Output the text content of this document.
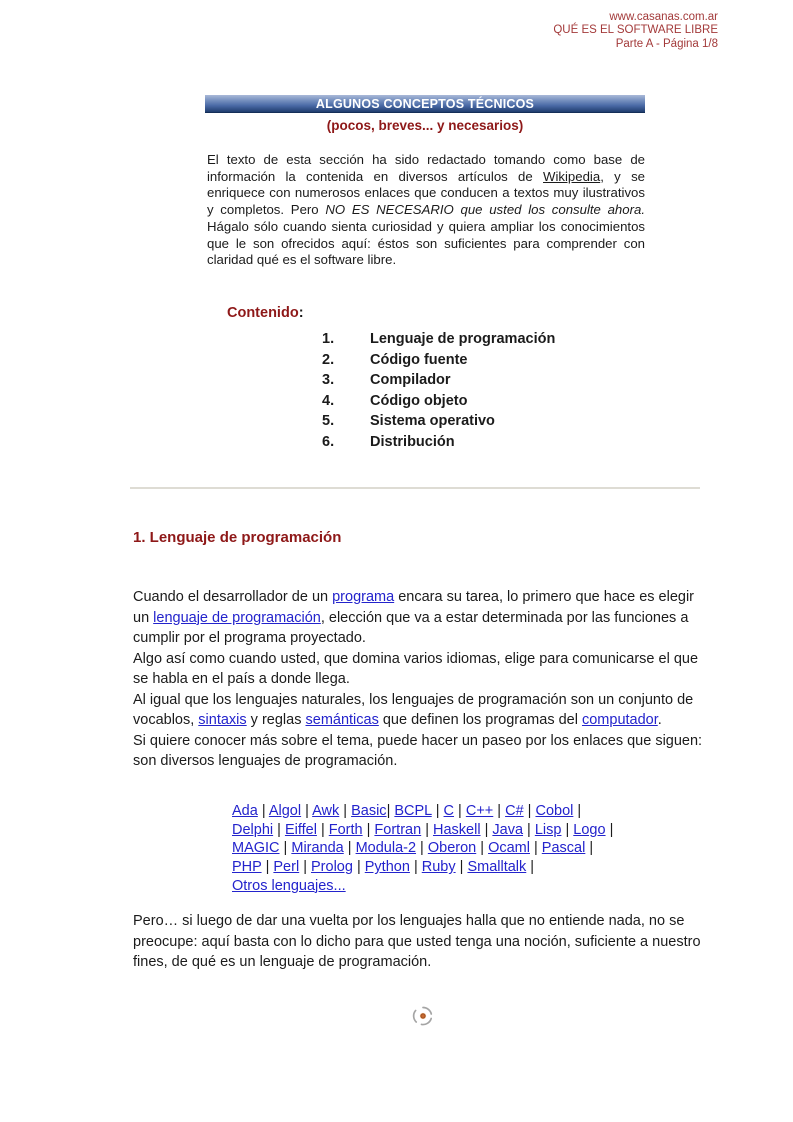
www.casanas.com.ar
QUÉ ES EL SOFTWARE LIBRE
Parte A - Página 1/8
ALGUNOS CONCEPTOS TÉCNICOS
(pocos, breves... y necesarios)
El texto de esta sección ha sido redactado tomando como base de información la contenida en diversos artículos de Wikipedia, y se enriquece con numerosos enlaces que conducen a textos muy ilustrativos y completos. Pero NO ES NECESARIO que usted los consulte ahora. Hágalo sólo cuando sienta curiosidad y quiera ampliar los conocimientos que le son ofrecidos aquí: éstos son suficientes para comprender con claridad qué es el software libre.
Contenido:
1. Lenguaje de programación
2. Código fuente
3. Compilador
4. Código objeto
5. Sistema operativo
6. Distribución
1. Lenguaje de programación

Cuando el desarrollador de un programa encara su tarea, lo primero que hace es elegir un lenguaje de programación, elección que va a estar determinada por las funciones a cumplir por el programa proyectado.

Algo así como cuando usted, que domina varios idiomas, elige para comunicarse el que se habla en el país a donde llega.

Al igual que los lenguajes naturales, los lenguajes de programación son un conjunto de vocablos, sintaxis y reglas semánticas que definen los programas del computador.

Si quiere conocer más sobre el tema, puede hacer un paseo por los enlaces que siguen: son diversos lenguajes de programación.

Ada | Algol | Awk | Basic| BCPL | C | C++ | C# | Cobol |
Delphi | Eiffel | Forth | Fortran | Haskell | Java | Lisp | Logo |
MAGIC | Miranda | Modula-2 | Oberon | Ocaml | Pascal |
PHP | Perl | Prolog | Python | Ruby | Smalltalk |
Otros lenguajes...
Pero… si luego de dar una vuelta por los lenguajes halla que no entiende nada, no se preocupe: aquí basta con lo dicho para que usted tenga una noción, suficiente a nuestro fines, de qué es un lenguaje de programación.
